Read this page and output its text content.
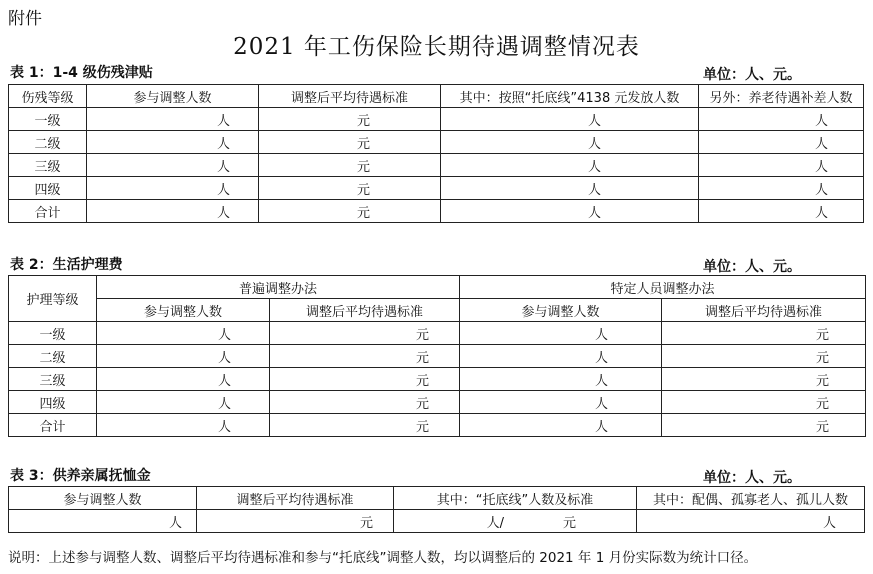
附件
2021 年工伤保险长期待遇调整情况表
表 1：1-4 级伤残津贴	单位：人、元。
伤残等级	参与调整人数	调整后平均待遇标准	其中：按照“托底线”4138 元发放人数	另外：养老待遇补差人数
一级	人	元	人	人
二级	人	元	人	人
三级	人	元	人	人
四级	人	元	人	人
合计	人	元	人	人
表 2：生活护理费	单位：人、元。
护理等级	普遍调整办法		特定人员调整办法	
	参与调整人数	调整后平均待遇标准	参与调整人数	调整后平均待遇标准
一级	人	元	人	元
二级	人	元	人	元
三级	人	元	人	元
四级	人	元	人	元
合计	人	元	人	元
表 3：供养亲属抚恤金	单位：人、元。
参与调整人数	调整后平均待遇标准	其中：“托底线”人数及标准	其中：配偶、孤寡老人、孤儿人数
人	元	人/ 元	人
说明：上述参与调整人数、调整后平均待遇标准和参与“托底线”调整人数，均以调整后的 2021 年 1 月份实际数为统计口径。
